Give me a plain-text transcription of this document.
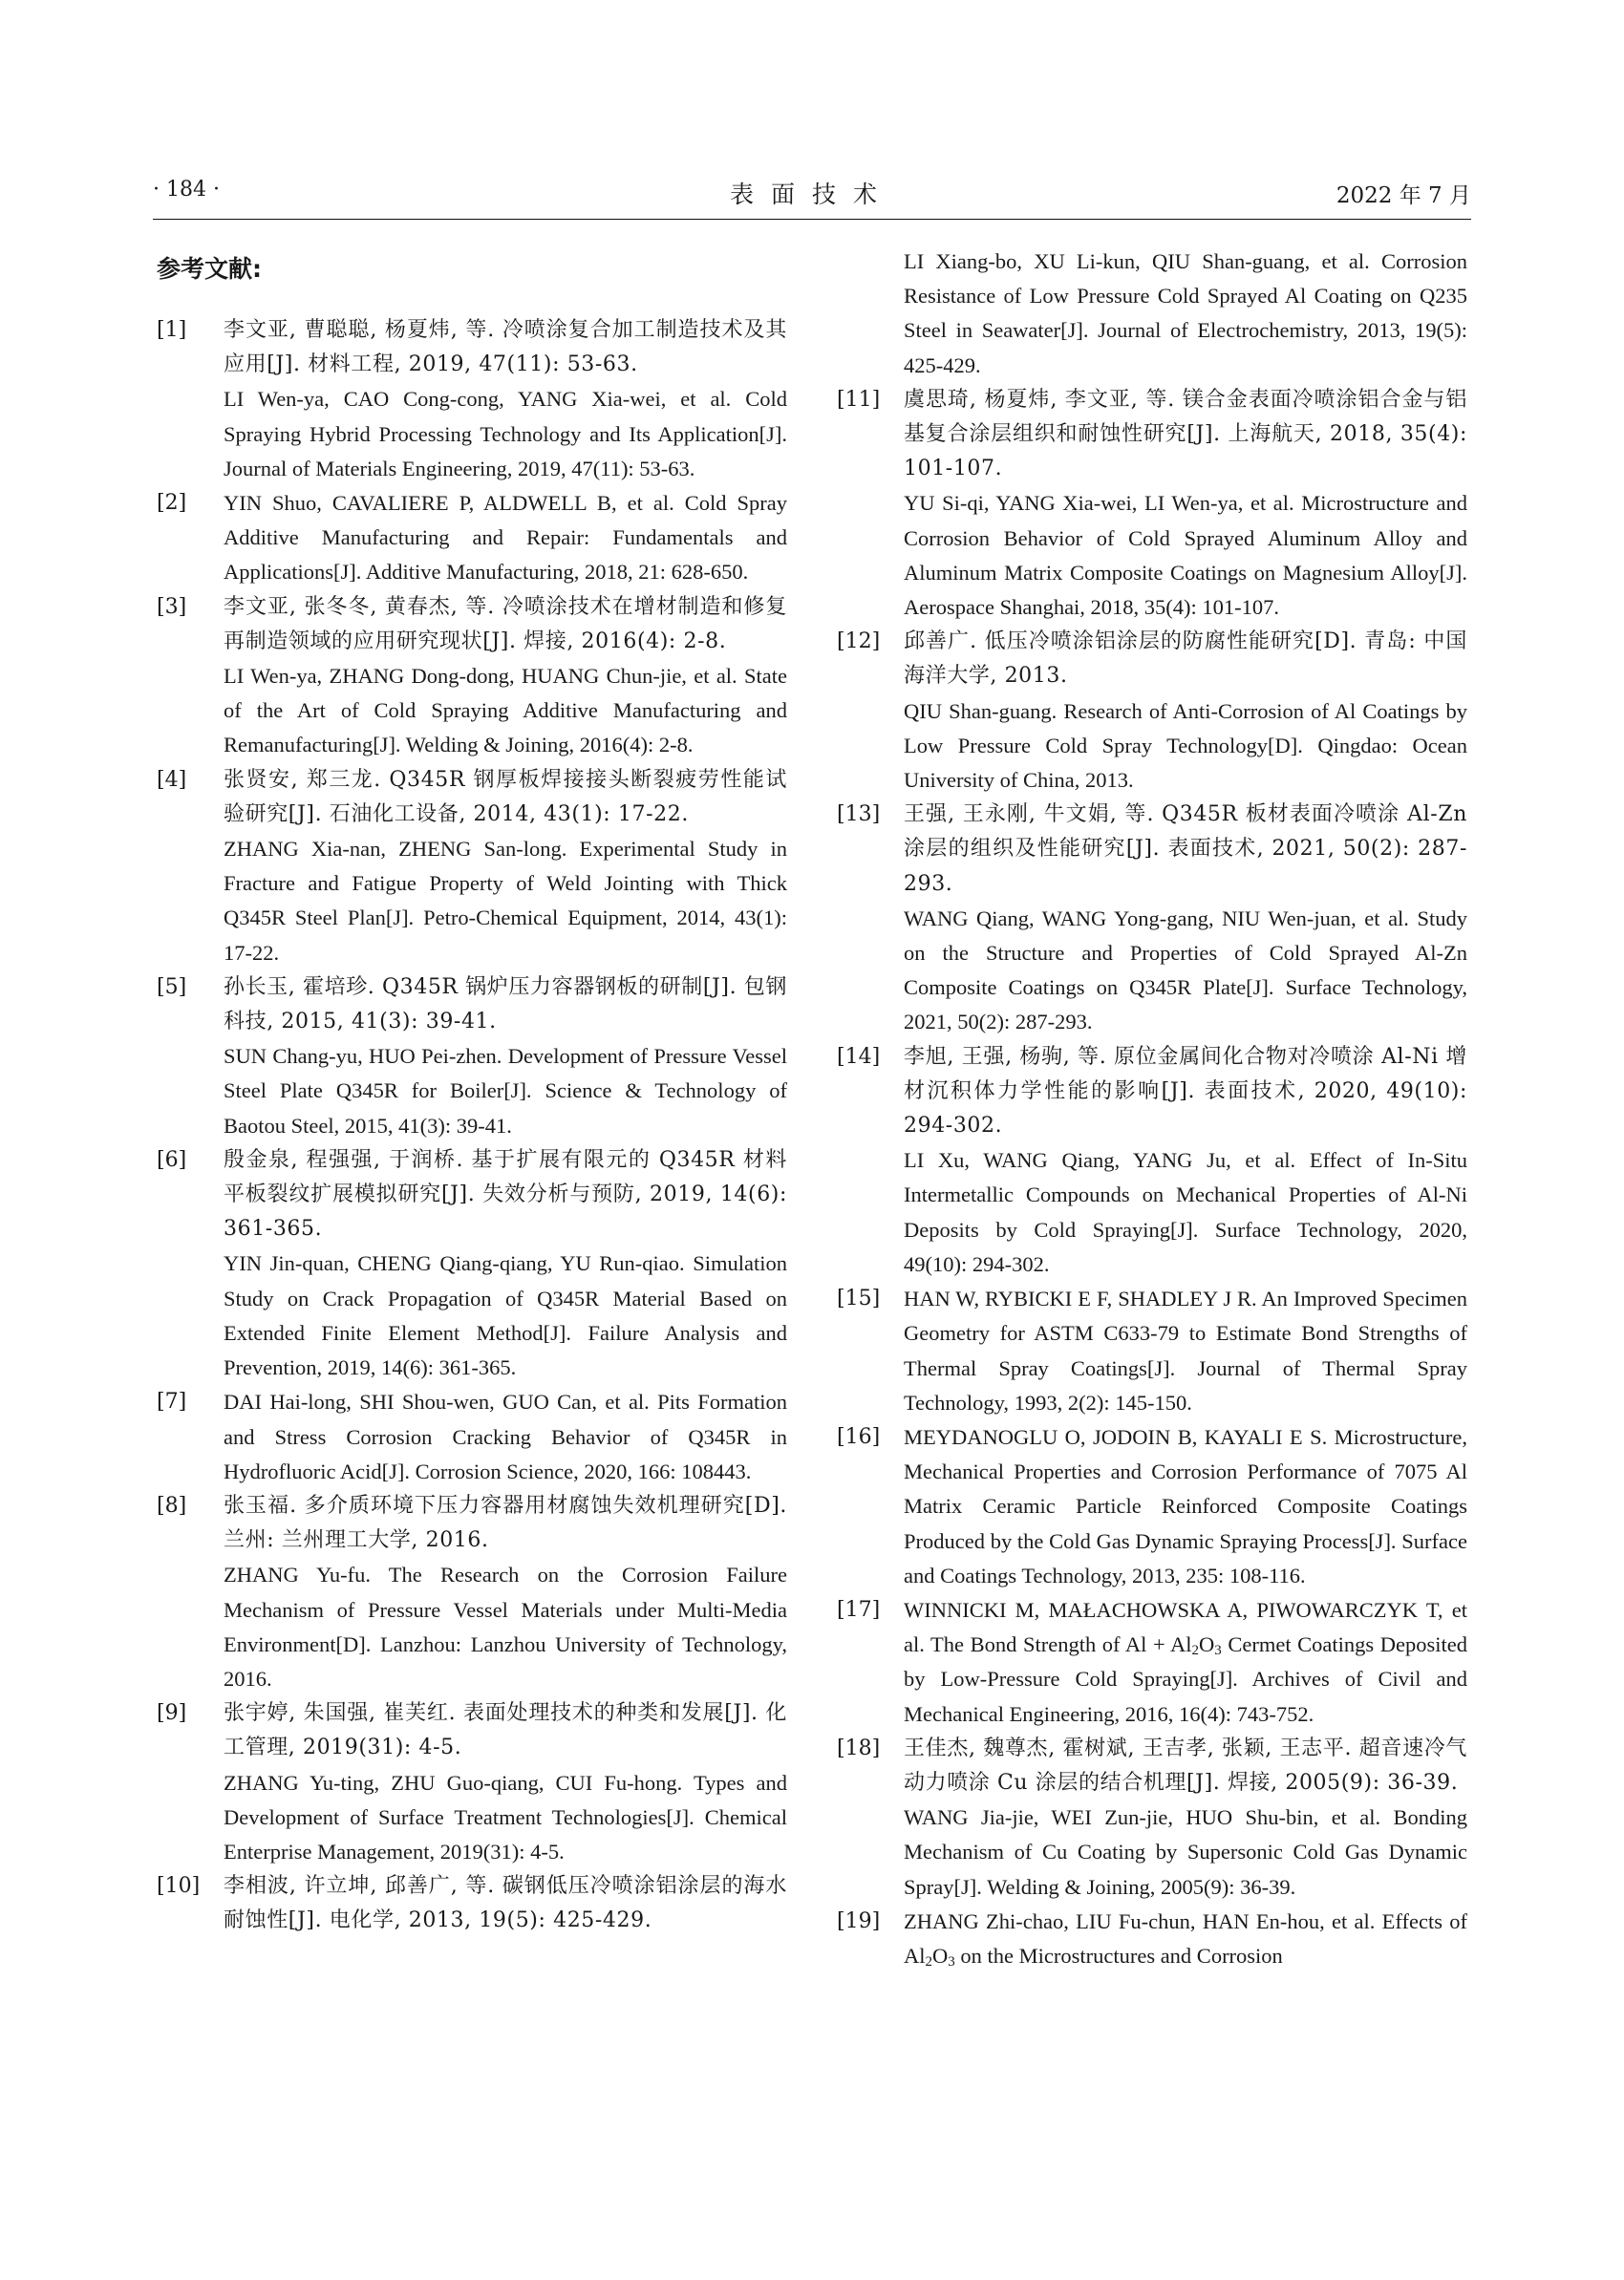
· 184 ·	表面技术	2022 年 7 月
参考文献:
[1] 李文亚, 曹聪聪, 杨夏炜, 等. 冷喷涂复合加工制造技术及其应用[J]. 材料工程, 2019, 47(11): 53-63.
LI Wen-ya, CAO Cong-cong, YANG Xia-wei, et al. Cold Spraying Hybrid Processing Technology and Its Application[J]. Journal of Materials Engineering, 2019, 47(11): 53-63.
[2] YIN Shuo, CAVALIERE P, ALDWELL B, et al. Cold Spray Additive Manufacturing and Repair: Fundamentals and Applications[J]. Additive Manufacturing, 2018, 21: 628-650.
[3] 李文亚, 张冬冬, 黄春杰, 等. 冷喷涂技术在增材制造和修复再制造领域的应用研究现状[J]. 焊接, 2016(4): 2-8.
LI Wen-ya, ZHANG Dong-dong, HUANG Chun-jie, et al. State of the Art of Cold Spraying Additive Manufacturing and Remanufacturing[J]. Welding & Joining, 2016(4): 2-8.
[4] 张贤安, 郑三龙. Q345R 钢厚板焊接接头断裂疲劳性能试验研究[J]. 石油化工设备, 2014, 43(1): 17-22.
ZHANG Xia-nan, ZHENG San-long. Experimental Study in Fracture and Fatigue Property of Weld Jointing with Thick Q345R Steel Plan[J]. Petro-Chemical Equipment, 2014, 43(1): 17-22.
[5] 孙长玉, 霍培珍. Q345R 锅炉压力容器钢板的研制[J]. 包钢科技, 2015, 41(3): 39-41.
SUN Chang-yu, HUO Pei-zhen. Development of Pressure Vessel Steel Plate Q345R for Boiler[J]. Science & Technology of Baotou Steel, 2015, 41(3): 39-41.
[6] 殷金泉, 程强强, 于润桥. 基于扩展有限元的 Q345R 材料平板裂纹扩展模拟研究[J]. 失效分析与预防, 2019, 14(6): 361-365.
YIN Jin-quan, CHENG Qiang-qiang, YU Run-qiao. Simulation Study on Crack Propagation of Q345R Material Based on Extended Finite Element Method[J]. Failure Analysis and Prevention, 2019, 14(6): 361-365.
[7] DAI Hai-long, SHI Shou-wen, GUO Can, et al. Pits Formation and Stress Corrosion Cracking Behavior of Q345R in Hydrofluoric Acid[J]. Corrosion Science, 2020, 166: 108443.
[8] 张玉福. 多介质环境下压力容器用材腐蚀失效机理研究[D]. 兰州: 兰州理工大学, 2016.
ZHANG Yu-fu. The Research on the Corrosion Failure Mechanism of Pressure Vessel Materials under Multi-Media Environment[D]. Lanzhou: Lanzhou University of Technology, 2016.
[9] 张宇婷, 朱国强, 崔芙红. 表面处理技术的种类和发展[J]. 化工管理, 2019(31): 4-5.
ZHANG Yu-ting, ZHU Guo-qiang, CUI Fu-hong. Types and Development of Surface Treatment Technologies[J]. Chemical Enterprise Management, 2019(31): 4-5.
[10] 李相波, 许立坤, 邱善广, 等. 碳钢低压冷喷涂铝涂层的海水耐蚀性[J]. 电化学, 2013, 19(5): 425-429.
LI Xiang-bo, XU Li-kun, QIU Shan-guang, et al. Corrosion Resistance of Low Pressure Cold Sprayed Al Coating on Q235 Steel in Seawater[J]. Journal of Electrochemistry, 2013, 19(5): 425-429.
[11] 虞思琦, 杨夏炜, 李文亚, 等. 镁合金表面冷喷涂铝合金与铝基复合涂层组织和耐蚀性研究[J]. 上海航天, 2018, 35(4): 101-107.
YU Si-qi, YANG Xia-wei, LI Wen-ya, et al. Microstructure and Corrosion Behavior of Cold Sprayed Aluminum Alloy and Aluminum Matrix Composite Coatings on Magnesium Alloy[J]. Aerospace Shanghai, 2018, 35(4): 101-107.
[12] 邱善广. 低压冷喷涂铝涂层的防腐性能研究[D]. 青岛: 中国海洋大学, 2013.
QIU Shan-guang. Research of Anti-Corrosion of Al Coatings by Low Pressure Cold Spray Technology[D]. Qingdao: Ocean University of China, 2013.
[13] 王强, 王永刚, 牛文娟, 等. Q345R 板材表面冷喷涂 Al-Zn 涂层的组织及性能研究[J]. 表面技术, 2021, 50(2): 287-293.
WANG Qiang, WANG Yong-gang, NIU Wen-juan, et al. Study on the Structure and Properties of Cold Sprayed Al-Zn Composite Coatings on Q345R Plate[J]. Surface Technology, 2021, 50(2): 287-293.
[14] 李旭, 王强, 杨驹, 等. 原位金属间化合物对冷喷涂 Al-Ni 增材沉积体力学性能的影响[J]. 表面技术, 2020, 49(10): 294-302.
LI Xu, WANG Qiang, YANG Ju, et al. Effect of In-Situ Intermetallic Compounds on Mechanical Properties of Al-Ni Deposits by Cold Spraying[J]. Surface Technology, 2020, 49(10): 294-302.
[15] HAN W, RYBICKI E F, SHADLEY J R. An Improved Specimen Geometry for ASTM C633-79 to Estimate Bond Strengths of Thermal Spray Coatings[J]. Journal of Thermal Spray Technology, 1993, 2(2): 145-150.
[16] MEYDANOGLU O, JODOIN B, KAYALI E S. Microstructure, Mechanical Properties and Corrosion Performance of 7075 Al Matrix Ceramic Particle Reinforced Composite Coatings Produced by the Cold Gas Dynamic Spraying Process[J]. Surface and Coatings Technology, 2013, 235: 108-116.
[17] WINNICKI M, MAŁACHOWSKA A, PIWOWARCZYK T, et al. The Bond Strength of $Al + Al_2O_3$ Cermet Coatings Deposited by Low-Pressure Cold Spraying[J]. Archives of Civil and Mechanical Engineering, 2016, 16(4): 743-752.
[18] 王佳杰, 魏尊杰, 霍树斌, 王吉孝, 张颖, 王志平. 超音速冷气动力喷涂 Cu 涂层的结合机理[J]. 焊接, 2005(9): 36-39.
WANG Jia-jie, WEI Zun-jie, HUO Shu-bin, et al. Bonding Mechanism of Cu Coating by Supersonic Cold Gas Dynamic Spray[J]. Welding & Joining, 2005(9): 36-39.
[19] ZHANG Zhi-chao, LIU Fu-chun, HAN En-hou, et al. Effects of $Al_2O_3$ on the Microstructures and Corrosion
